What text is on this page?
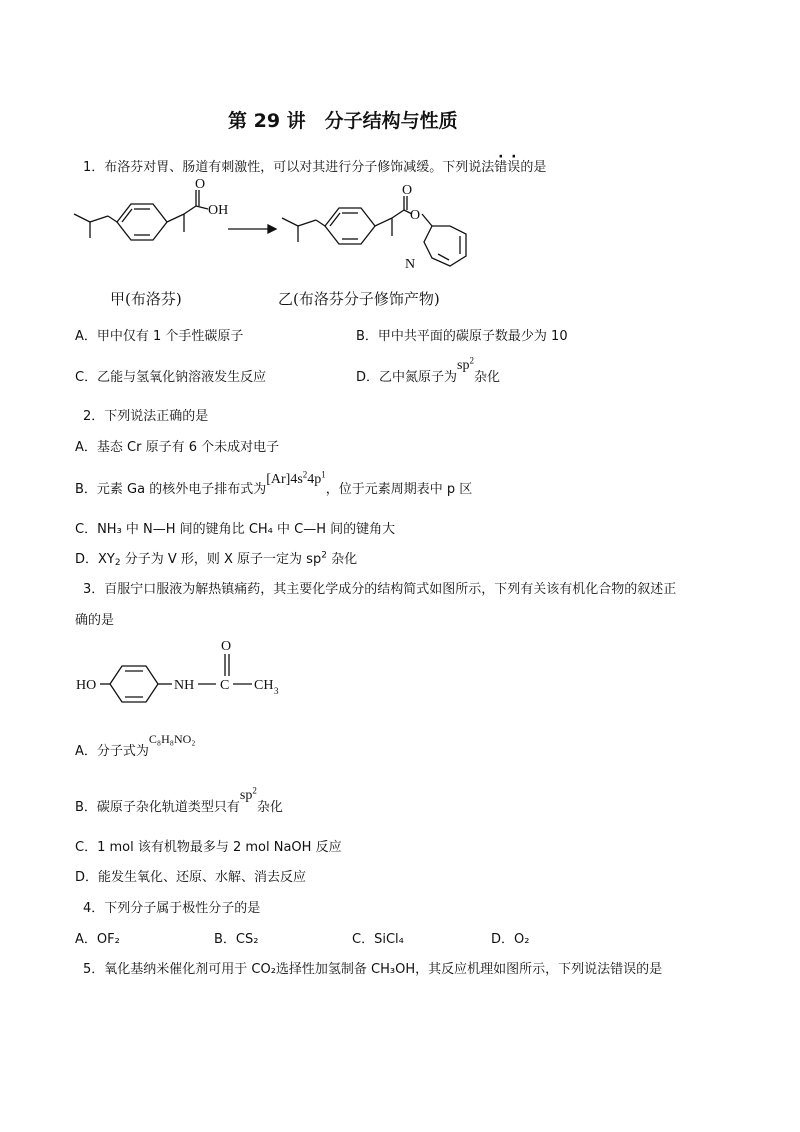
第 29 讲　分子结构与性质
1．布洛芬对胃、肠道有刺激性，可以对其进行分子修饰减缓。下列说法错误的是
O
OH
O
O
N
甲(布洛芬)	乙(布洛芬分子修饰产物)
A．甲中仅有 1 个手性碳原子	B．甲中共平面的碳原子数最少为 10
C．乙能与氢氧化钠溶液发生反应	D．乙中氮原子为$sp^2$杂化
2．下列说法正确的是
A．基态 Cr 原子有 6 个未成对电子
B．元素 Ga 的核外电子排布式为$[Ar]4s^24p^1$，位于元素周期表中 p 区
C．NH₃ 中 N—H 间的键角比 CH₄ 中 C—H 间的键角大
D．$XY_2$ 分子为 V 形，则 X 原子一定为 $sp^2$ 杂化
3．百服宁口服液为解热镇痛药，其主要化学成分的结构简式如图所示，下列有关该有机化合物的叙述正
确的是
HO	NH C
O
CH 3
A．分子式为C₈H₈NO₂
B．碳原子杂化轨道类型只有$sp^2$杂化
C．1 mol 该有机物最多与 2 mol NaOH 反应
D．能发生氧化、还原、水解、消去反应
4．下列分子属于极性分子的是
A．OF₂	B．CS₂	C．SiCl₄	D．O₂
5．氧化基纳米催化剂可用于 CO₂选择性加氢制备 CH₃OH，其反应机理如图所示，下列说法错误的是
